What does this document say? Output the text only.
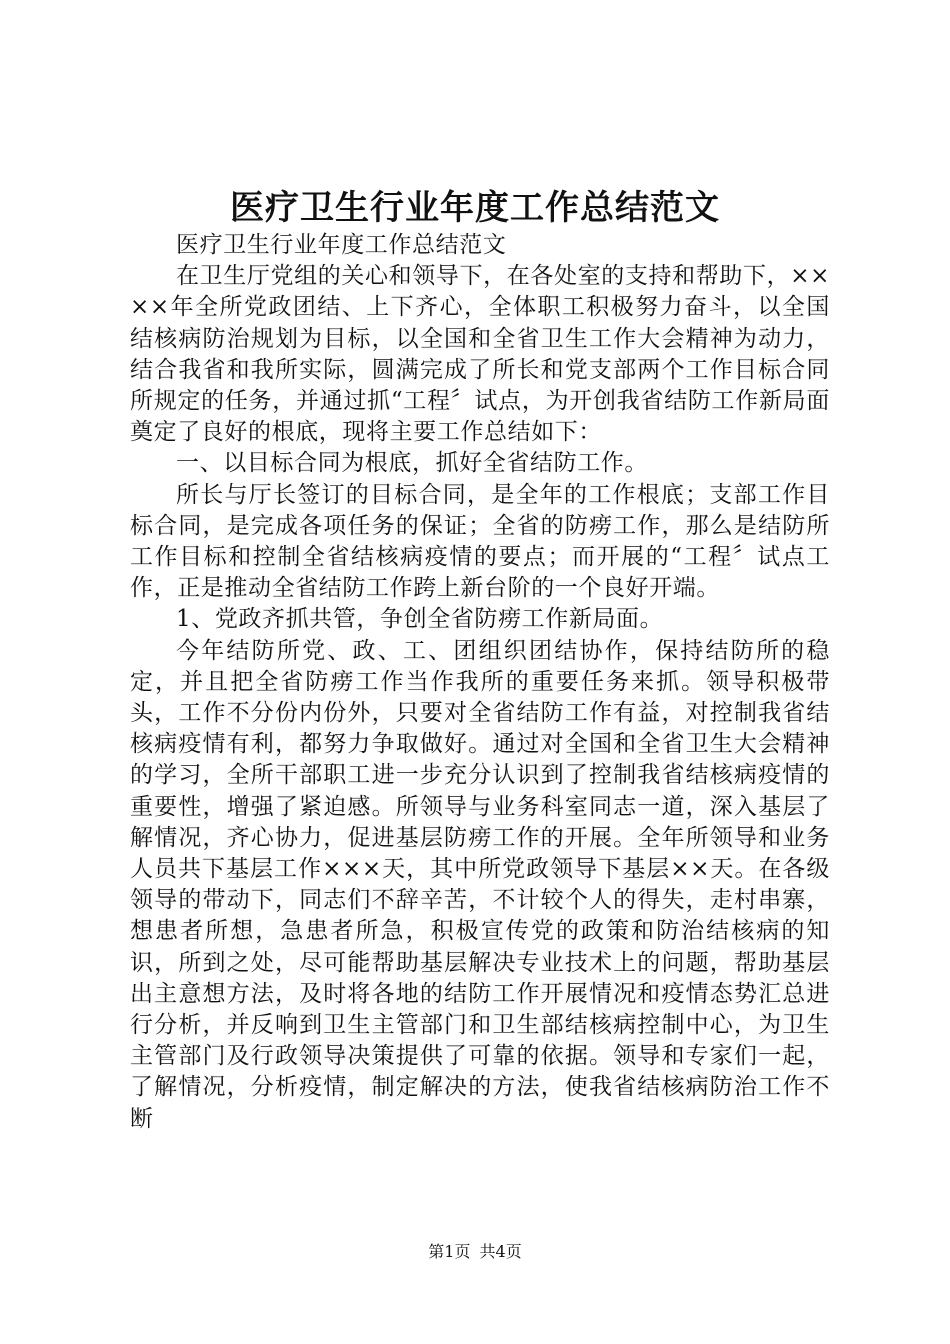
医疗卫生行业年度工作总结范文

医疗卫生行业年度工作总结范文

在卫生厅党组的关心和领导下，在各处室的支持和帮助下，××××年全所党政团结、上下齐心，全体职工积极努力奋斗，以全国结核病防治规划为目标，以全国和全省卫生工作大会精神为动力，结合我省和我所实际，圆满完成了所长和党支部两个工作目标合同所规定的任务，并通过抓“工程〞试点，为开创我省结防工作新局面奠定了良好的根底，现将主要工作总结如下：

一、以目标合同为根底，抓好全省结防工作。

所长与厅长签订的目标合同，是全年的工作根底；支部工作目标合同，是完成各项任务的保证；全省的防痨工作，那么是结防所工作目标和控制全省结核病疫情的要点；而开展的“工程〞试点工作，正是推动全省结防工作跨上新台阶的一个良好开端。

1、党政齐抓共管，争创全省防痨工作新局面。

今年结防所党、政、工、团组织团结协作，保持结防所的稳定，并且把全省防痨工作当作我所的重要任务来抓。领导积极带头，工作不分份内份外，只要对全省结防工作有益，对控制我省结核病疫情有利，都努力争取做好。通过对全国和全省卫生大会精神的学习，全所干部职工进一步充分认识到了控制我省结核病疫情的重要性，增强了紧迫感。所领导与业务科室同志一道，深入基层了解情况，齐心协力，促进基层防痨工作的开展。全年所领导和业务人员共下基层工作×××天，其中所党政领导下基层××天。在各级领导的带动下，同志们不辞辛苦，不计较个人的得失，走村串寨，想患者所想，急患者所急，积极宣传党的政策和防治结核病的知识，所到之处，尽可能帮助基层解决专业技术上的问题，帮助基层出主意想方法，及时将各地的结防工作开展情况和疫情态势汇总进行分析，并反响到卫生主管部门和卫生部结核病控制中心，为卫生主管部门及行政领导决策提供了可靠的依据。领导和专家们一起，了解情况，分析疫情，制定解决的方法，使我省结核病防治工作不断

第1页 共4页
